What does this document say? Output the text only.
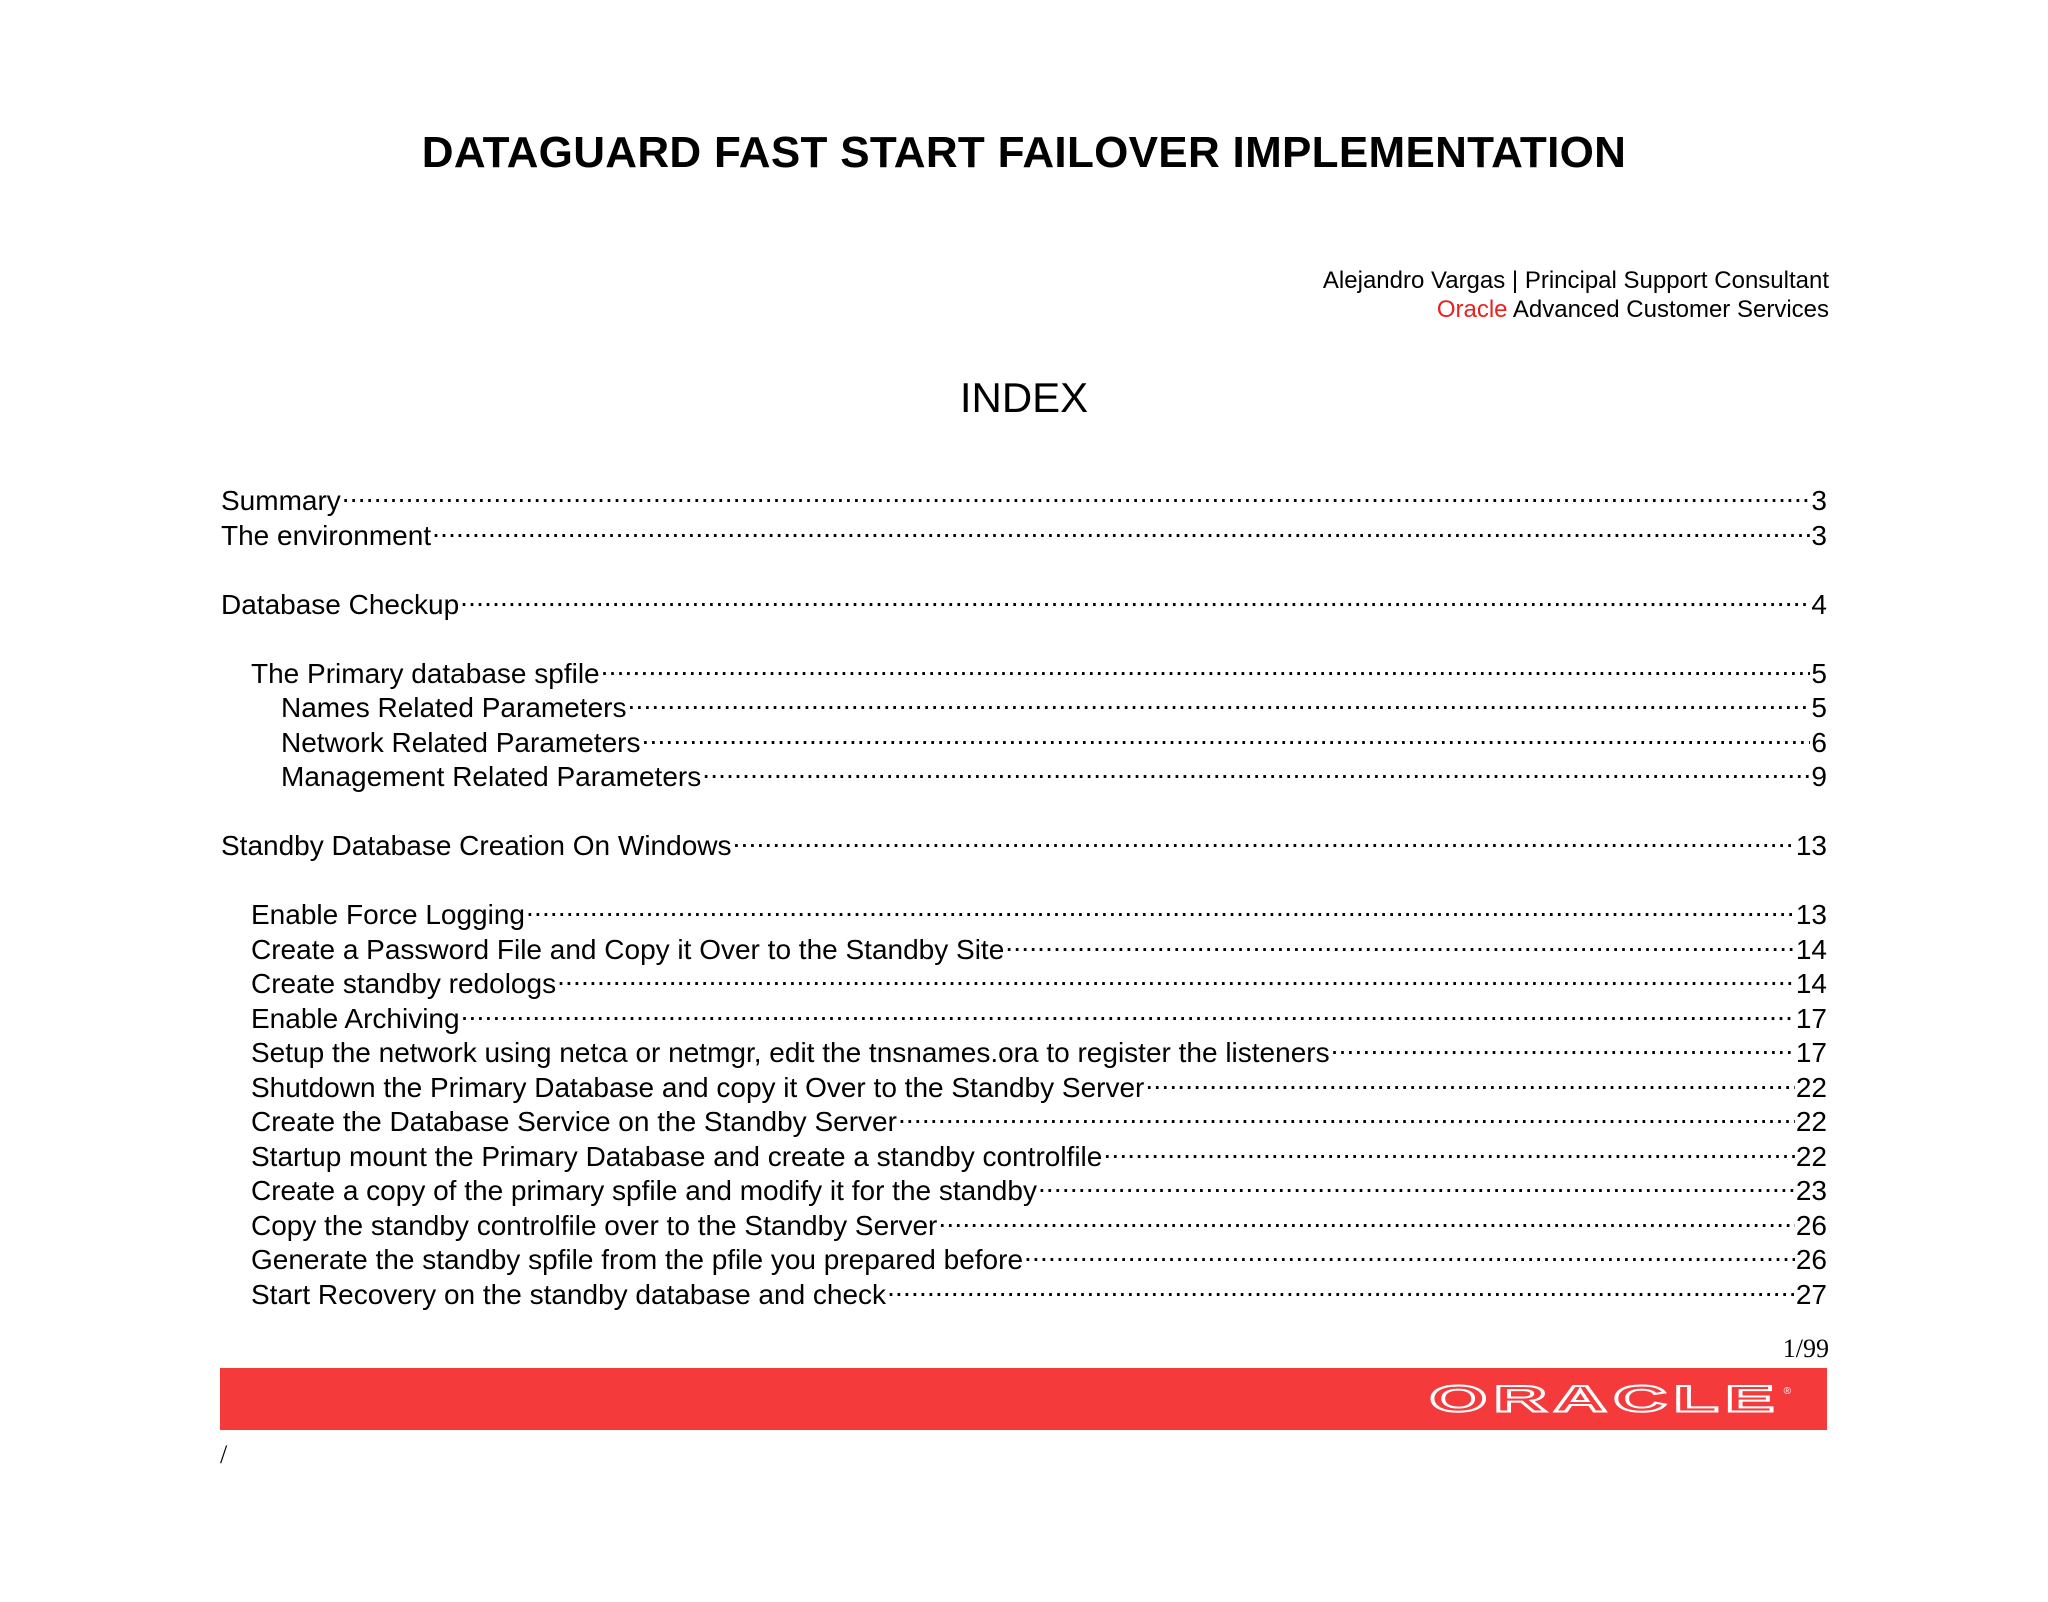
DATAGUARD FAST START FAILOVER IMPLEMENTATION
Alejandro Vargas | Principal Support Consultant
Oracle Advanced Customer Services
INDEX
Summary .....	3
The environment .....	3
Database Checkup .....	4
The Primary database spfile .....	5
Names Related Parameters .....	5
Network Related Parameters .....	6
Management Related Parameters .....	9
Standby Database Creation On Windows .....	13
Enable Force Logging .....	13
Create a Password File and Copy it Over to the Standby Site .....	14
Create standby redologs .....	14
Enable Archiving .....	17
Setup the network using netca or netmgr, edit the tnsnames.ora to register the listeners .....	17
Shutdown the Primary Database and copy it Over to the Standby Server .....	22
Create the Database Service on the Standby Server .....	22
Startup mount the Primary Database and create a standby controlfile .....	22
Create a copy of the primary spfile and modify it for the standby .....	23
Copy the standby controlfile over to the Standby Server .....	26
Generate the standby spfile from the pfile you prepared before .....	26
Start Recovery on the standby database and check .....	27
1/99
ORACLE ®
/
